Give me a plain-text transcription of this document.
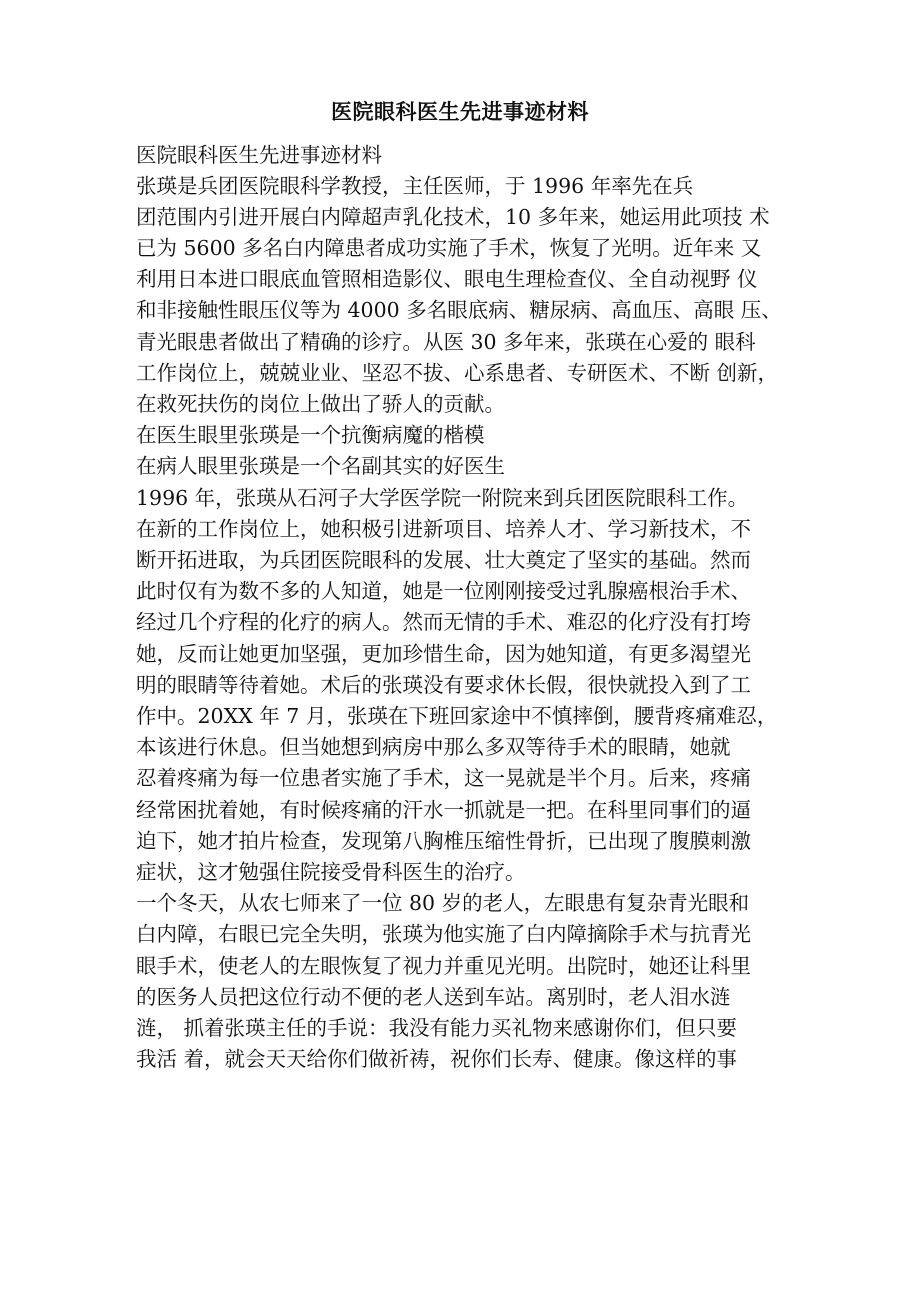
医院眼科医生先进事迹材料
医院眼科医生先进事迹材料
张瑛是兵团医院眼科学教授，主任医师，于 1996 年率先在兵
团范围内引进开展白内障超声乳化技术，10 多年来，她运用此项技 术
已为 5600 多名白内障患者成功实施了手术，恢复了光明。近年来 又
利用日本进口眼底血管照相造影仪、眼电生理检查仪、全自动视野 仪
和非接触性眼压仪等为 4000 多名眼底病、糖尿病、高血压、高眼 压、
青光眼患者做出了精确的诊疗。从医 30 多年来，张瑛在心爱的 眼科
工作岗位上，兢兢业业、坚忍不拔、心系患者、专研医术、不断 创新，
在救死扶伤的岗位上做出了骄人的贡献。
在医生眼里张瑛是一个抗衡病魔的楷模
在病人眼里张瑛是一个名副其实的好医生
1996 年，张瑛从石河子大学医学院一附院来到兵团医院眼科工作。
在新的工作岗位上，她积极引进新项目、培养人才、学习新技术，不
断开拓进取，为兵团医院眼科的发展、壮大奠定了坚实的基础。然而
此时仅有为数不多的人知道，她是一位刚刚接受过乳腺癌根治手术、
经过几个疗程的化疗的病人。然而无情的手术、难忍的化疗没有打垮
她，反而让她更加坚强，更加珍惜生命，因为她知道，有更多渴望光
明的眼睛等待着她。术后的张瑛没有要求休长假，很快就投入到了工
作中。20XX 年 7 月，张瑛在下班回家途中不慎摔倒，腰背疼痛难忍，
本该进行休息。但当她想到病房中那么多双等待手术的眼睛，她就
忍着疼痛为每一位患者实施了手术，这一晃就是半个月。后来，疼痛
经常困扰着她，有时候疼痛的汗水一抓就是一把。在科里同事们的逼
迫下，她才拍片检查，发现第八胸椎压缩性骨折，已出现了腹膜刺激
症状，这才勉强住院接受骨科医生的治疗。
一个冬天，从农七师来了一位 80 岁的老人，左眼患有复杂青光眼和
白内障，右眼已完全失明，张瑛为他实施了白内障摘除手术与抗青光
眼手术，使老人的左眼恢复了视力并重见光明。出院时，她还让科里
的医务人员把这位行动不便的老人送到车站。离别时，老人泪水涟
涟， 抓着张瑛主任的手说：我没有能力买礼物来感谢你们，但只要
我活 着，就会天天给你们做祈祷，祝你们长寿、健康。像这样的事
